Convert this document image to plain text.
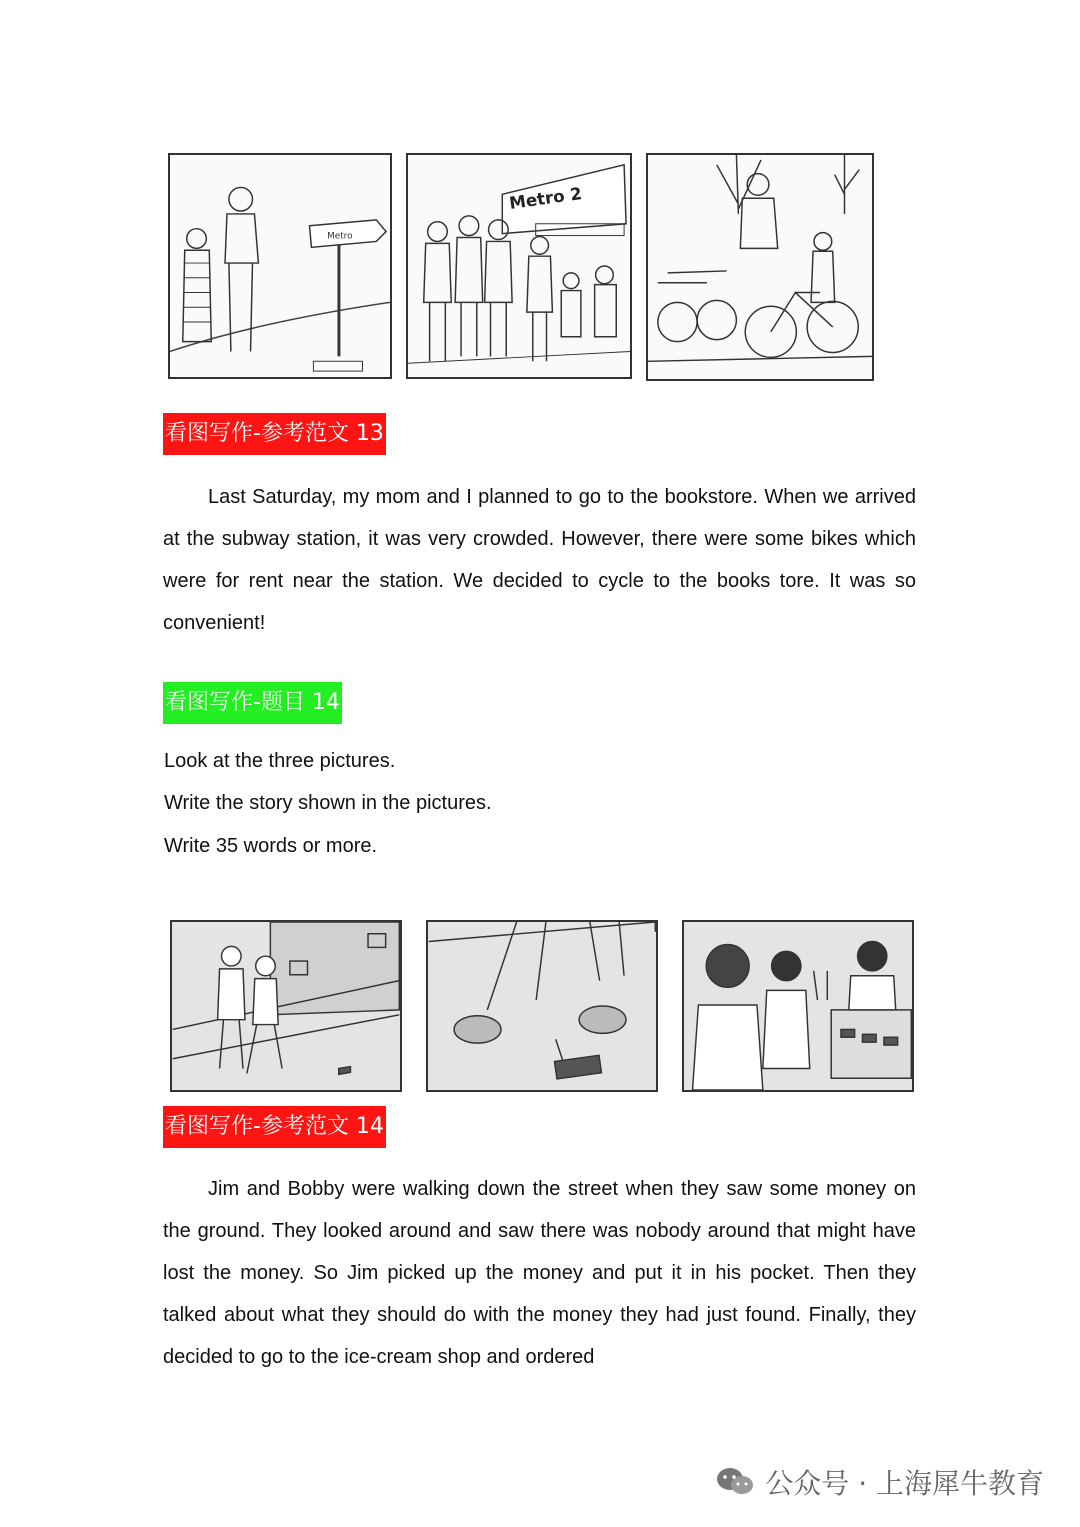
Metro
Metro 2
看图写作-参考范文 13

Last Saturday, my mom and I planned to go to the bookstore. When we arrived at the subway station, it was very crowded. However, there were some bikes which were for rent near the station. We decided to cycle to the books tore. It was so convenient!

看图写作-题目 14

Look at the three pictures.

Write the story shown in the pictures.

Write 35 words or more.

看图写作-参考范文 14

Jim and Bobby were walking down the street when they saw some money on the ground. They looked around and saw there was nobody around that might have lost the money. So Jim picked up the money and put it in his pocket. Then they talked about what they should do with the money they had just found. Finally, they decided to go to the ice-cream shop and ordered

公众号 · 上海犀牛教育
